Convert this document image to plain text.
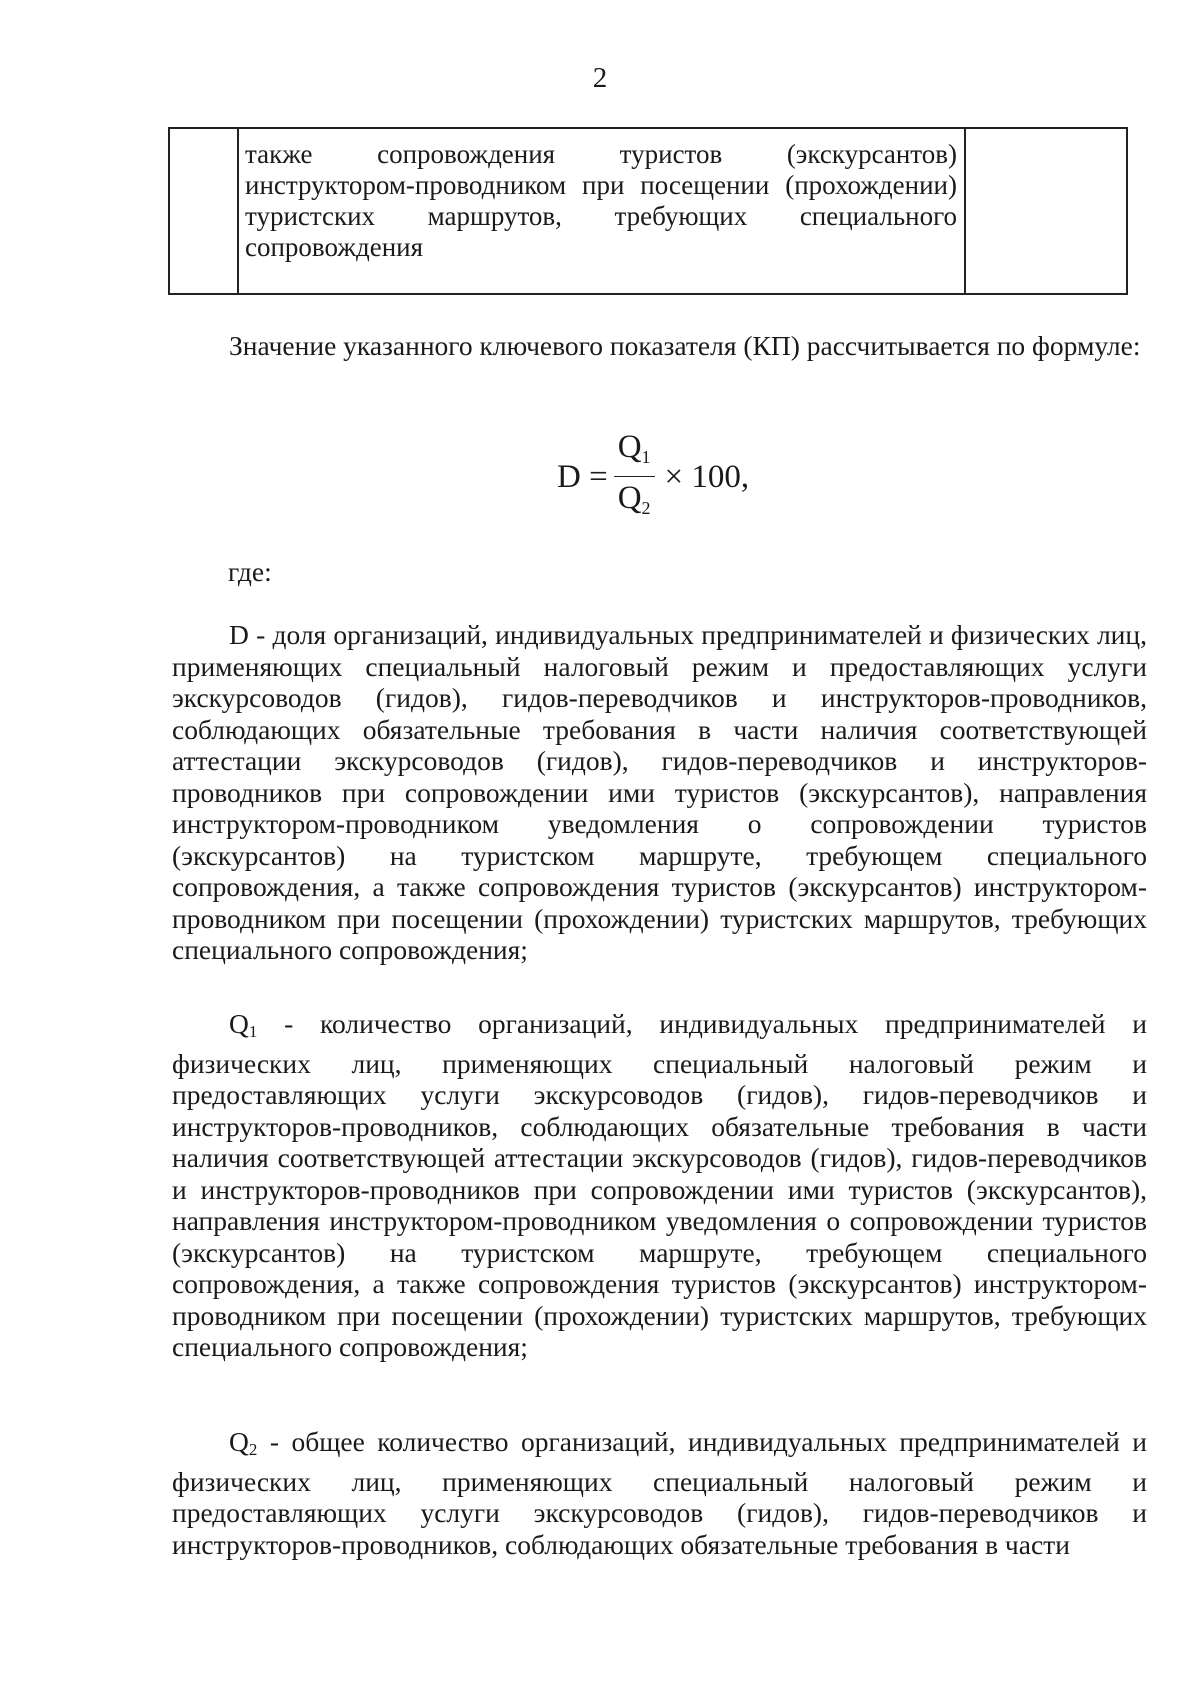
2
также сопровождения туристов (экскурсантов) инструктором-проводником при посещении (прохождении) туристских маршрутов, требующих специального сопровождения
Значение указанного ключевого показателя (КП) рассчитывается по формуле:
$D = \frac{Q_1}{Q_2} \times 100$,
где:
D - доля организаций, индивидуальных предпринимателей и физических лиц, применяющих специальный налоговый режим и предоставляющих услуги экскурсоводов (гидов), гидов-переводчиков и инструкторов-проводников, соблюдающих обязательные требования в части наличия соответствующей аттестации экскурсоводов (гидов), гидов-переводчиков и инструкторов-проводников при сопровождении ими туристов (экскурсантов), направления инструктором-проводником уведомления о сопровождении туристов (экскурсантов) на туристском маршруте, требующем специального сопровождения, а также сопровождения туристов (экскурсантов) инструктором-проводником при посещении (прохождении) туристских маршрутов, требующих специального сопровождения;
$Q_1$ - количество организаций, индивидуальных предпринимателей и физических лиц, применяющих специальный налоговый режим и предоставляющих услуги экскурсоводов (гидов), гидов-переводчиков и инструкторов-проводников, соблюдающих обязательные требования в части наличия соответствующей аттестации экскурсоводов (гидов), гидов-переводчиков и инструкторов-проводников при сопровождении ими туристов (экскурсантов), направления инструктором-проводником уведомления о сопровождении туристов (экскурсантов) на туристском маршруте, требующем специального сопровождения, а также сопровождения туристов (экскурсантов) инструктором-проводником при посещении (прохождении) туристских маршрутов, требующих специального сопровождения;
$Q_2$ - общее количество организаций, индивидуальных предпринимателей и физических лиц, применяющих специальный налоговый режим и предоставляющих услуги экскурсоводов (гидов), гидов-переводчиков и инструкторов-проводников, соблюдающих обязательные требования в части
